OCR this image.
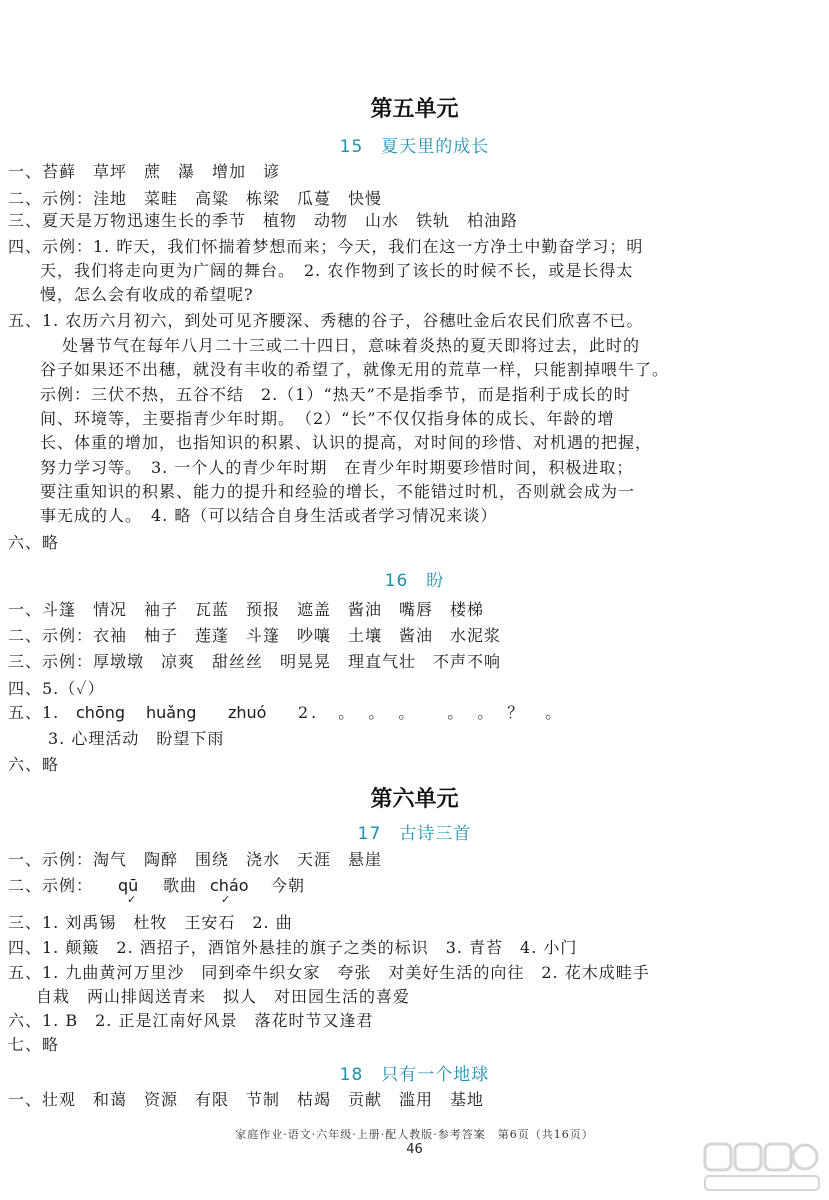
第五单元
15　夏天里的成长
一、苔藓　草坪　蔗　瀑　增加　谚
二、示例：洼地　菜畦　高粱　栋梁　瓜蔓　快慢
三、夏天是万物迅速生长的季节　植物　动物　山水　铁轨　柏油路
四、示例：1. 昨天，我们怀揣着梦想而来；今天，我们在这一方净土中勤奋学习；明
天，我们将走向更为广阔的舞台。　2. 农作物到了该长的时候不长，或是长得太
慢，怎么会有收成的希望呢?
五、1. 农历六月初六，到处可见齐腰深、秀穗的谷子，谷穗吐金后农民们欣喜不已。
处暑节气在每年八月二十三或二十四日，意味着炎热的夏天即将过去，此时的
谷子如果还不出穗，就没有丰收的希望了，就像无用的荒草一样，只能割掉喂牛了。
示例：三伏不热，五谷不结　2.（1）“热天”不是指季节，而是指利于成长的时
间、环境等，主要指青少年时期。　（2）“长”不仅仅指身体的成长、年龄的增
长、体重的增加，也指知识的积累、认识的提高，对时间的珍惜、对机遇的把握，
努力学习等。　3. 一个人的青少年时期　在青少年时期要珍惜时间，积极进取；
要注重知识的积累、能力的提升和经验的增长，不能错过时机，否则就会成为一
事无成的人。　4. 略（可以结合自身生活或者学习情况来谈）
六、略
16　盼
一、斗篷　情况　袖子　瓦蓝　预报　遮盖　酱油　嘴唇　楼梯
二、示例：衣袖　柚子　莲蓬　斗篷　吵嚷　土壤　酱油　水泥浆
三、示例：厚墩墩　凉爽　甜丝丝　明晃晃　理直气壮　不声不响
四、5.（✓）
五、1. chōng huǎng zhuó 2.　。　。　。　　。　。　？　。
3. 心理活动　盼望下雨
六、略
第六单元
17　古诗三首
一、示例：淘气　陶醉　围绕　浇水　天涯　悬崖
二、示例： qū
✓
歌曲 cháo
✓
今朝
三、1. 刘禹锡　杜牧　王安石　2. 曲
四、1. 颠簸　2. 酒招子，酒馆外悬挂的旗子之类的标识　3. 青苔　4. 小门
五、1. 九曲黄河万里沙　同到牵牛织女家　夸张　对美好生活的向往　2. 花木成畦手
自栽　两山排闼送青来　拟人　对田园生活的喜爱
六、1. B　2. 正是江南好风景　落花时节又逢君
七、略
18　只有一个地球
一、壮观　和蔼　资源　有限　节制　枯竭　贡献　滥用　基地
家庭作业·语文·六年级·上册·配人教版·参考答案　第6页（共16页）
46
